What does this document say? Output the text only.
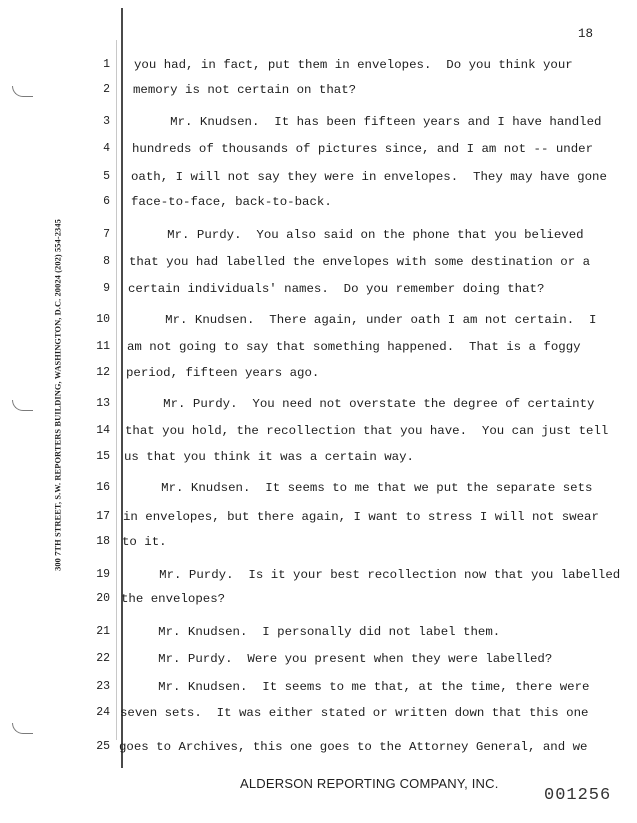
18
300 7TH STREET, S.W. REPORTERS BUILDING, WASHINGTON, D.C. 20024 (202) 554-2345
1 you had, in fact, put them in envelopes.  Do you think your
2 memory is not certain on that?
3 Mr. Knudsen.  It has been fifteen years and I have handled
4 hundreds of thousands of pictures since, and I am not -- under
5 oath, I will not say they were in envelopes.  They may have gone
6 face-to-face, back-to-back.
7 Mr. Purdy.  You also said on the phone that you believed
8 that you had labelled the envelopes with some destination or a
9 certain individuals' names.  Do you remember doing that?
10 Mr. Knudsen.  There again, under oath I am not certain.  I
11 am not going to say that something happened.  That is a foggy
12 period, fifteen years ago.
13 Mr. Purdy.  You need not overstate the degree of certainty
14 that you hold, the recollection that you have.  You can just tell
15 us that you think it was a certain way.
16 Mr. Knudsen.  It seems to me that we put the separate sets
17 in envelopes, but there again, I want to stress I will not swear
18 to it.
19 Mr. Purdy.  Is it your best recollection now that you labelled
20 the envelopes?
21 Mr. Knudsen.  I personally did not label them.
22 Mr. Purdy.  Were you present when they were labelled?
23 Mr. Knudsen.  It seems to me that, at the time, there were
24 seven sets.  It was either stated or written down that this one
25 goes to Archives, this one goes to the Attorney General, and we
ALDERSON REPORTING COMPANY, INC.
001256
